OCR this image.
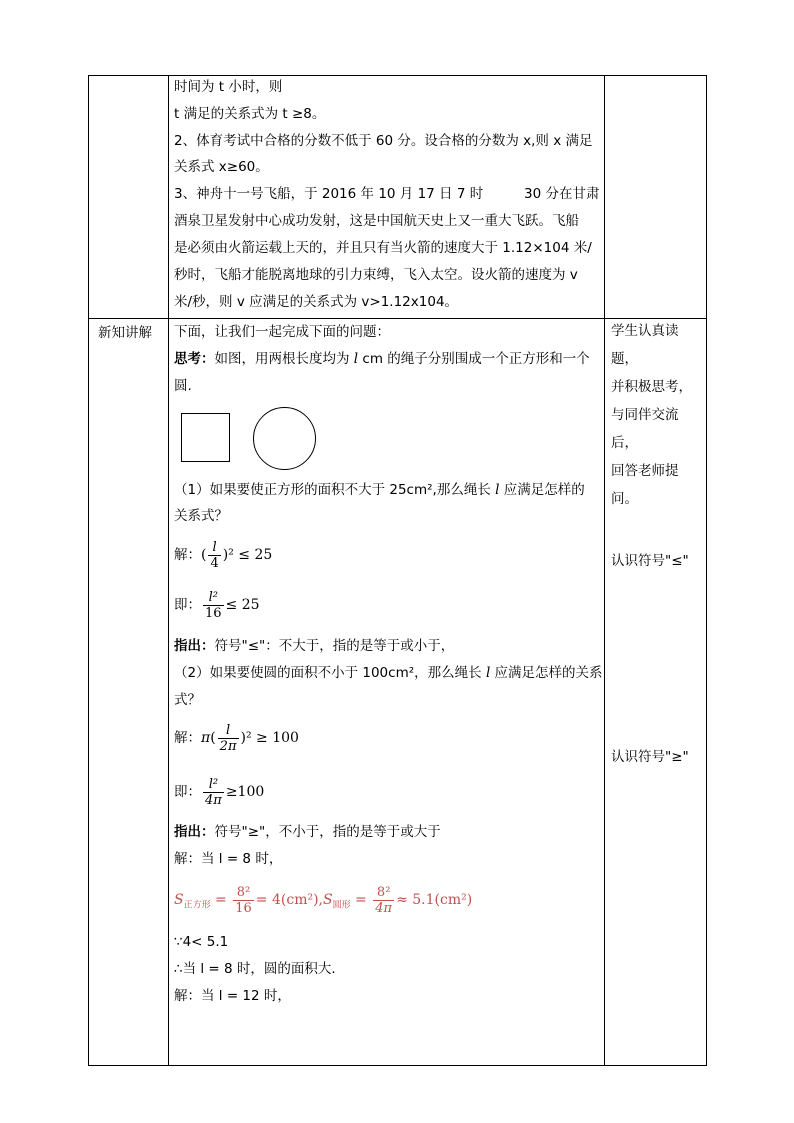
时间为 t 小时，则
t 满足的关系式为 t ≥8。
2、体育考试中合格的分数不低于 60 分。设合格的分数为 x,则 x 满足
关系式 x≥60。
3、神舟十一号飞船，于 2016 年 10 月 17 日 7 时	30 分在甘肃
酒泉卫星发射中心成功发射，这是中国航天史上又一重大飞跃。飞船
是必须由火箭运载上天的，并且只有当火箭的速度大于 1.12×104 米/
秒时，飞船才能脱离地球的引力束缚，飞入太空。设火箭的速度为 v
米/秒，则 v 应满足的关系式为 v>1.12x104。
新知讲解 下面，让我们一起完成下面的问题：
思考：如图，用两根长度均为 l cm 的绳子分别围成一个正方形和一个
圆.
（1）如果要使正方形的面积不大于 25cm²,那么绳长 l 应满足怎样的
关系式？
解：( $\frac{l}{4} )^2 \le 25$
即： $\frac{\text{l²}}{16} \le 25$
指出：符号"≤"：不大于，指的是等于或小于，
（2）如果要使圆的面积不小于 100cm²，那么绳长 l 应满足怎样的关系
式？
解：$\pi( \frac{l}{2\pi} )^2 \ge 100$
即： $\frac{\text{l²}}{4\pi} \ge 100$
指出：符号"≥"，不小于，指的是等于或大于
解：当 l = 8 时，
$S_{正方形} = \frac{\text{8²}}{16} = 4(cm^2),S_{圆形} = \frac{\text{8²}}{4\pi} \approx 5.1(cm^2)$
∵4< 5.1
∴当 l = 8 时，圆的面积大.
解：当 l = 12 时，
学生认真读题，
并积极思考，
与同伴交流后，
回答老师提问。
认识符号"≤"
认识符号"≥"
